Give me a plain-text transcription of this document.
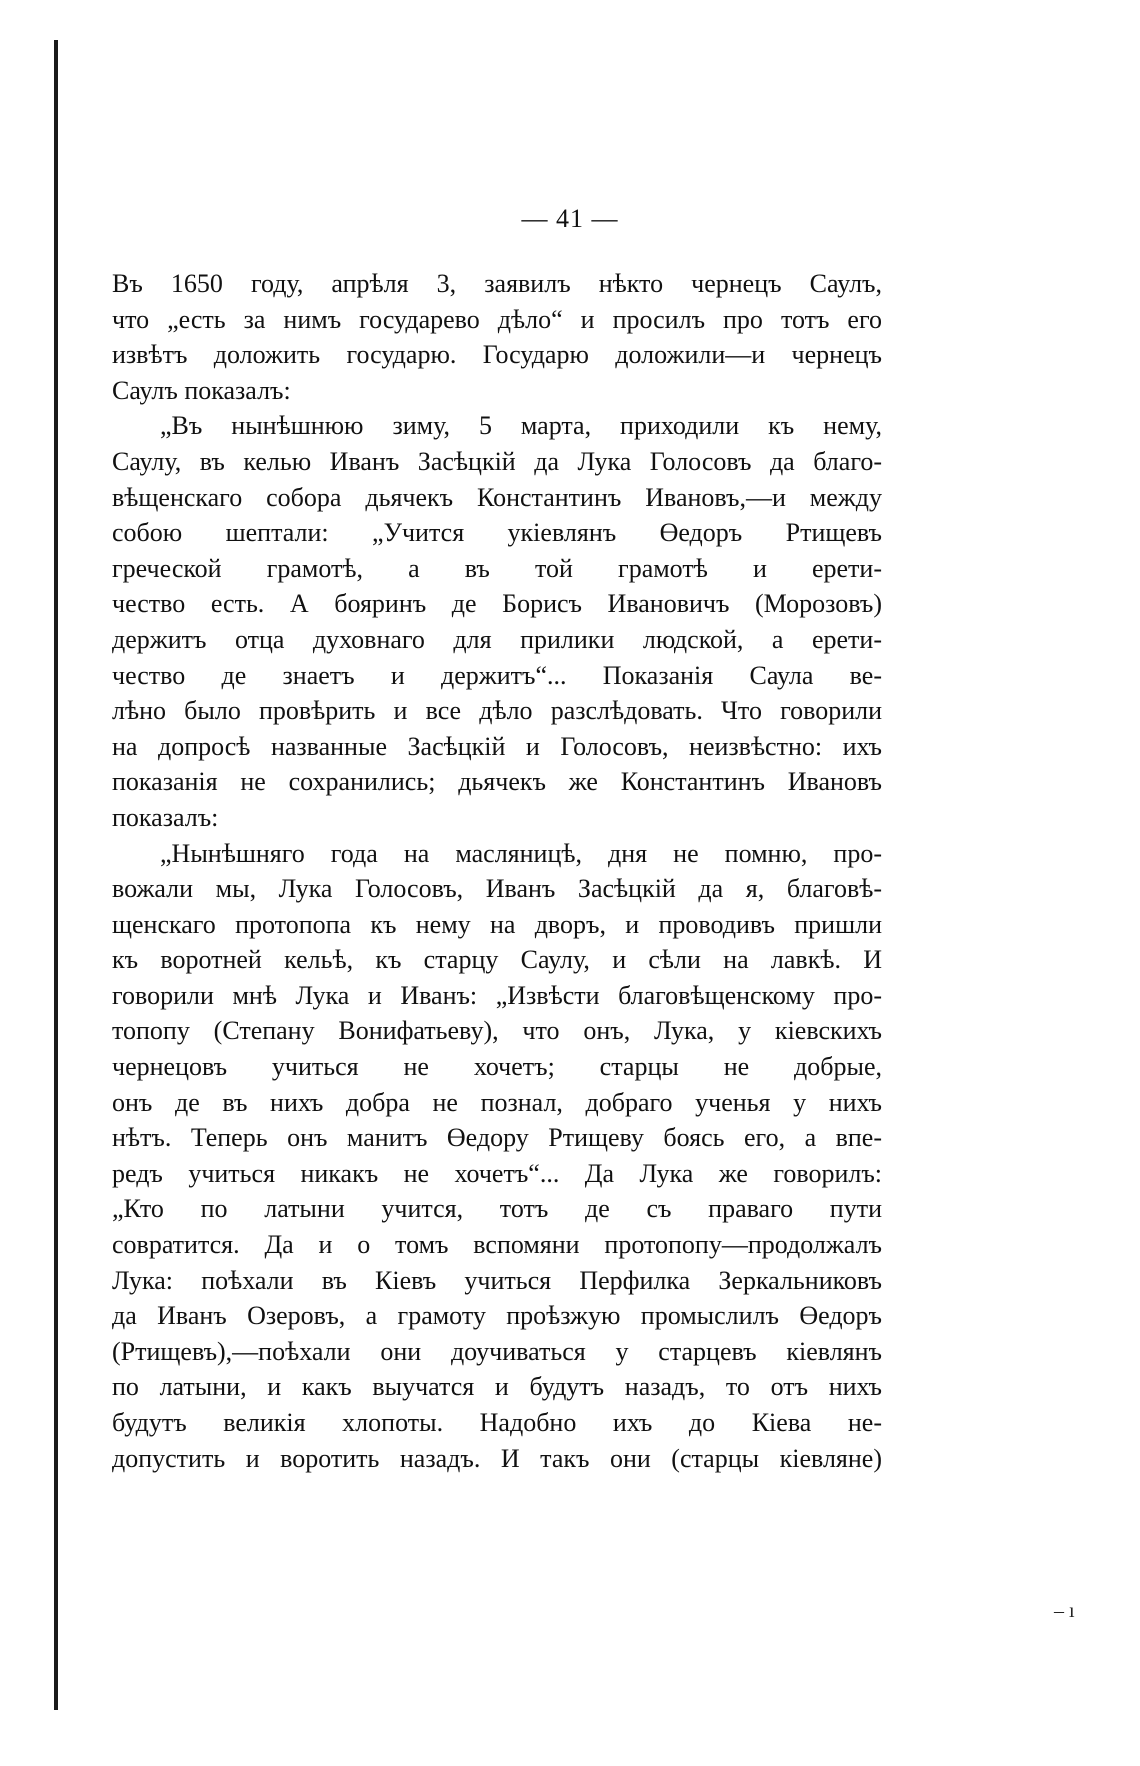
— 41 —
Въ 1650 году, апрѣля 3, заявилъ нѣкто чернецъ Саулъ,
что „есть за нимъ государево дѣло“ и просилъ про тотъ его
извѣтъ доложить государю. Государю доложили—и чернецъ
Саулъ показалъ:
„Въ нынѣшнюю зиму, 5 марта, приходили къ нему,
Саулу, въ келью Иванъ Засѣцкій да Лука Голосовъ да благо-
вѣщенскаго собора дьячекъ Константинъ Ивановъ,—и между
собою шептали: „Учится укіевлянъ Өедоръ Ртищевъ
греческой грамотѣ, а въ той грамотѣ и ерети-
чество есть. А бояринъ де Борисъ Ивановичъ (Морозовъ)
держитъ отца духовнаго для прилики людской, а ерети-
чество де знаетъ и держитъ“... Показанія Саула ве-
лѣно было провѣрить и все дѣло разслѣдовать. Что говорили
на допросѣ названные Засѣцкій и Голосовъ, неизвѣстно: ихъ
показанія не сохранились; дьячекъ же Константинъ Ивановъ
показалъ:
„Нынѣшняго года на масляницѣ, дня не помню, про-
вожали мы, Лука Голосовъ, Иванъ Засѣцкій да я, благовѣ-
щенскаго протопопа къ нему на дворъ, и проводивъ пришли
къ воротней кельѣ, къ старцу Саулу, и сѣли на лавкѣ. И
говорили мнѣ Лука и Иванъ: „Извѣсти благовѣщенскому про-
топопу (Степану Вонифатьеву), что онъ, Лука, у кіевскихъ
чернецовъ учиться не хочетъ; старцы не добрые,
онъ де въ нихъ добра не познал, добраго ученья у нихъ
нѣтъ. Теперь онъ манитъ Өедору Ртищеву боясь его, а впе-
редъ учиться никакъ не хочетъ“... Да Лука же говорилъ:
„Кто по латыни учится, тотъ де съ праваго пути
совратится. Да и о томъ вспомяни протопопу—продолжалъ
Лука: поѣхали въ Кіевъ учиться Перфилка Зеркальниковъ
да Иванъ Озеровъ, а грамоту проѣзжую промыслилъ Өедоръ
(Ртищевъ),—поѣхали они доучиваться у старцевъ кіевлянъ
по латыни, и какъ выучатся и будутъ назадъ, то отъ нихъ
будутъ великія хлопоты. Надобно ихъ до Кіева не-
допустить и воротить назадъ. И такъ они (старцы кіевляне)
– ı
